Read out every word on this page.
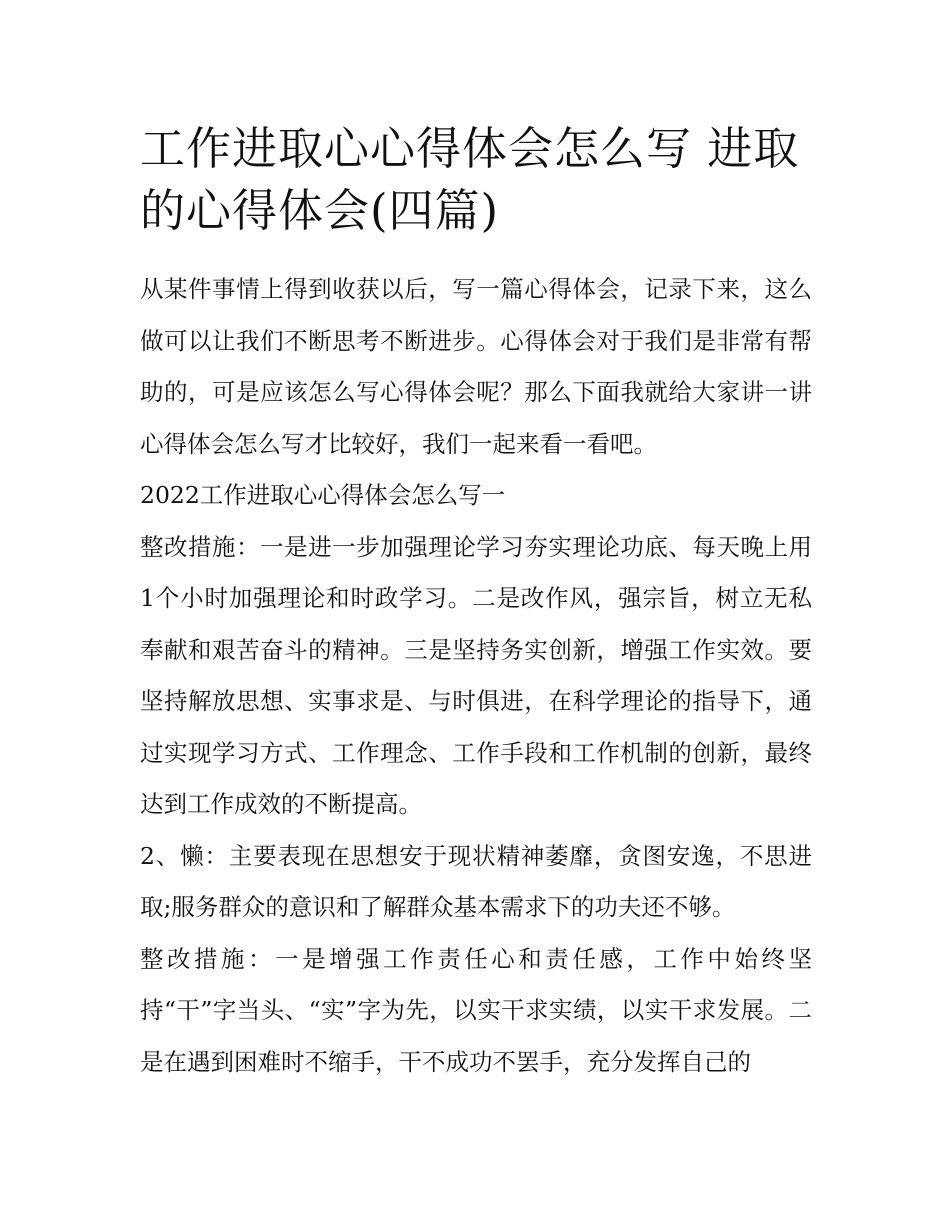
工作进取心心得体会怎么写 进取的心得体会(四篇)

从某件事情上得到收获以后，写一篇心得体会，记录下来，这么做可以让我们不断思考不断进步。心得体会对于我们是非常有帮助的，可是应该怎么写心得体会呢？那么下面我就给大家讲一讲心得体会怎么写才比较好，我们一起来看一看吧。

2022工作进取心心得体会怎么写一

整改措施：一是进一步加强理论学习夯实理论功底、每天晚上用1个小时加强理论和时政学习。二是改作风，强宗旨，树立无私奉献和艰苦奋斗的精神。三是坚持务实创新，增强工作实效。要坚持解放思想、实事求是、与时俱进，在科学理论的指导下，通过实现学习方式、工作理念、工作手段和工作机制的创新，最终达到工作成效的不断提高。

2、懒：主要表现在思想安于现状精神萎靡，贪图安逸，不思进取;服务群众的意识和了解群众基本需求下的功夫还不够。

整改措施：一是增强工作责任心和责任感，工作中始终坚持“干”字当头、“实”字为先，以实干求实绩，以实干求发展。二是在遇到困难时不缩手，干不成功不罢手，充分发挥自己的
